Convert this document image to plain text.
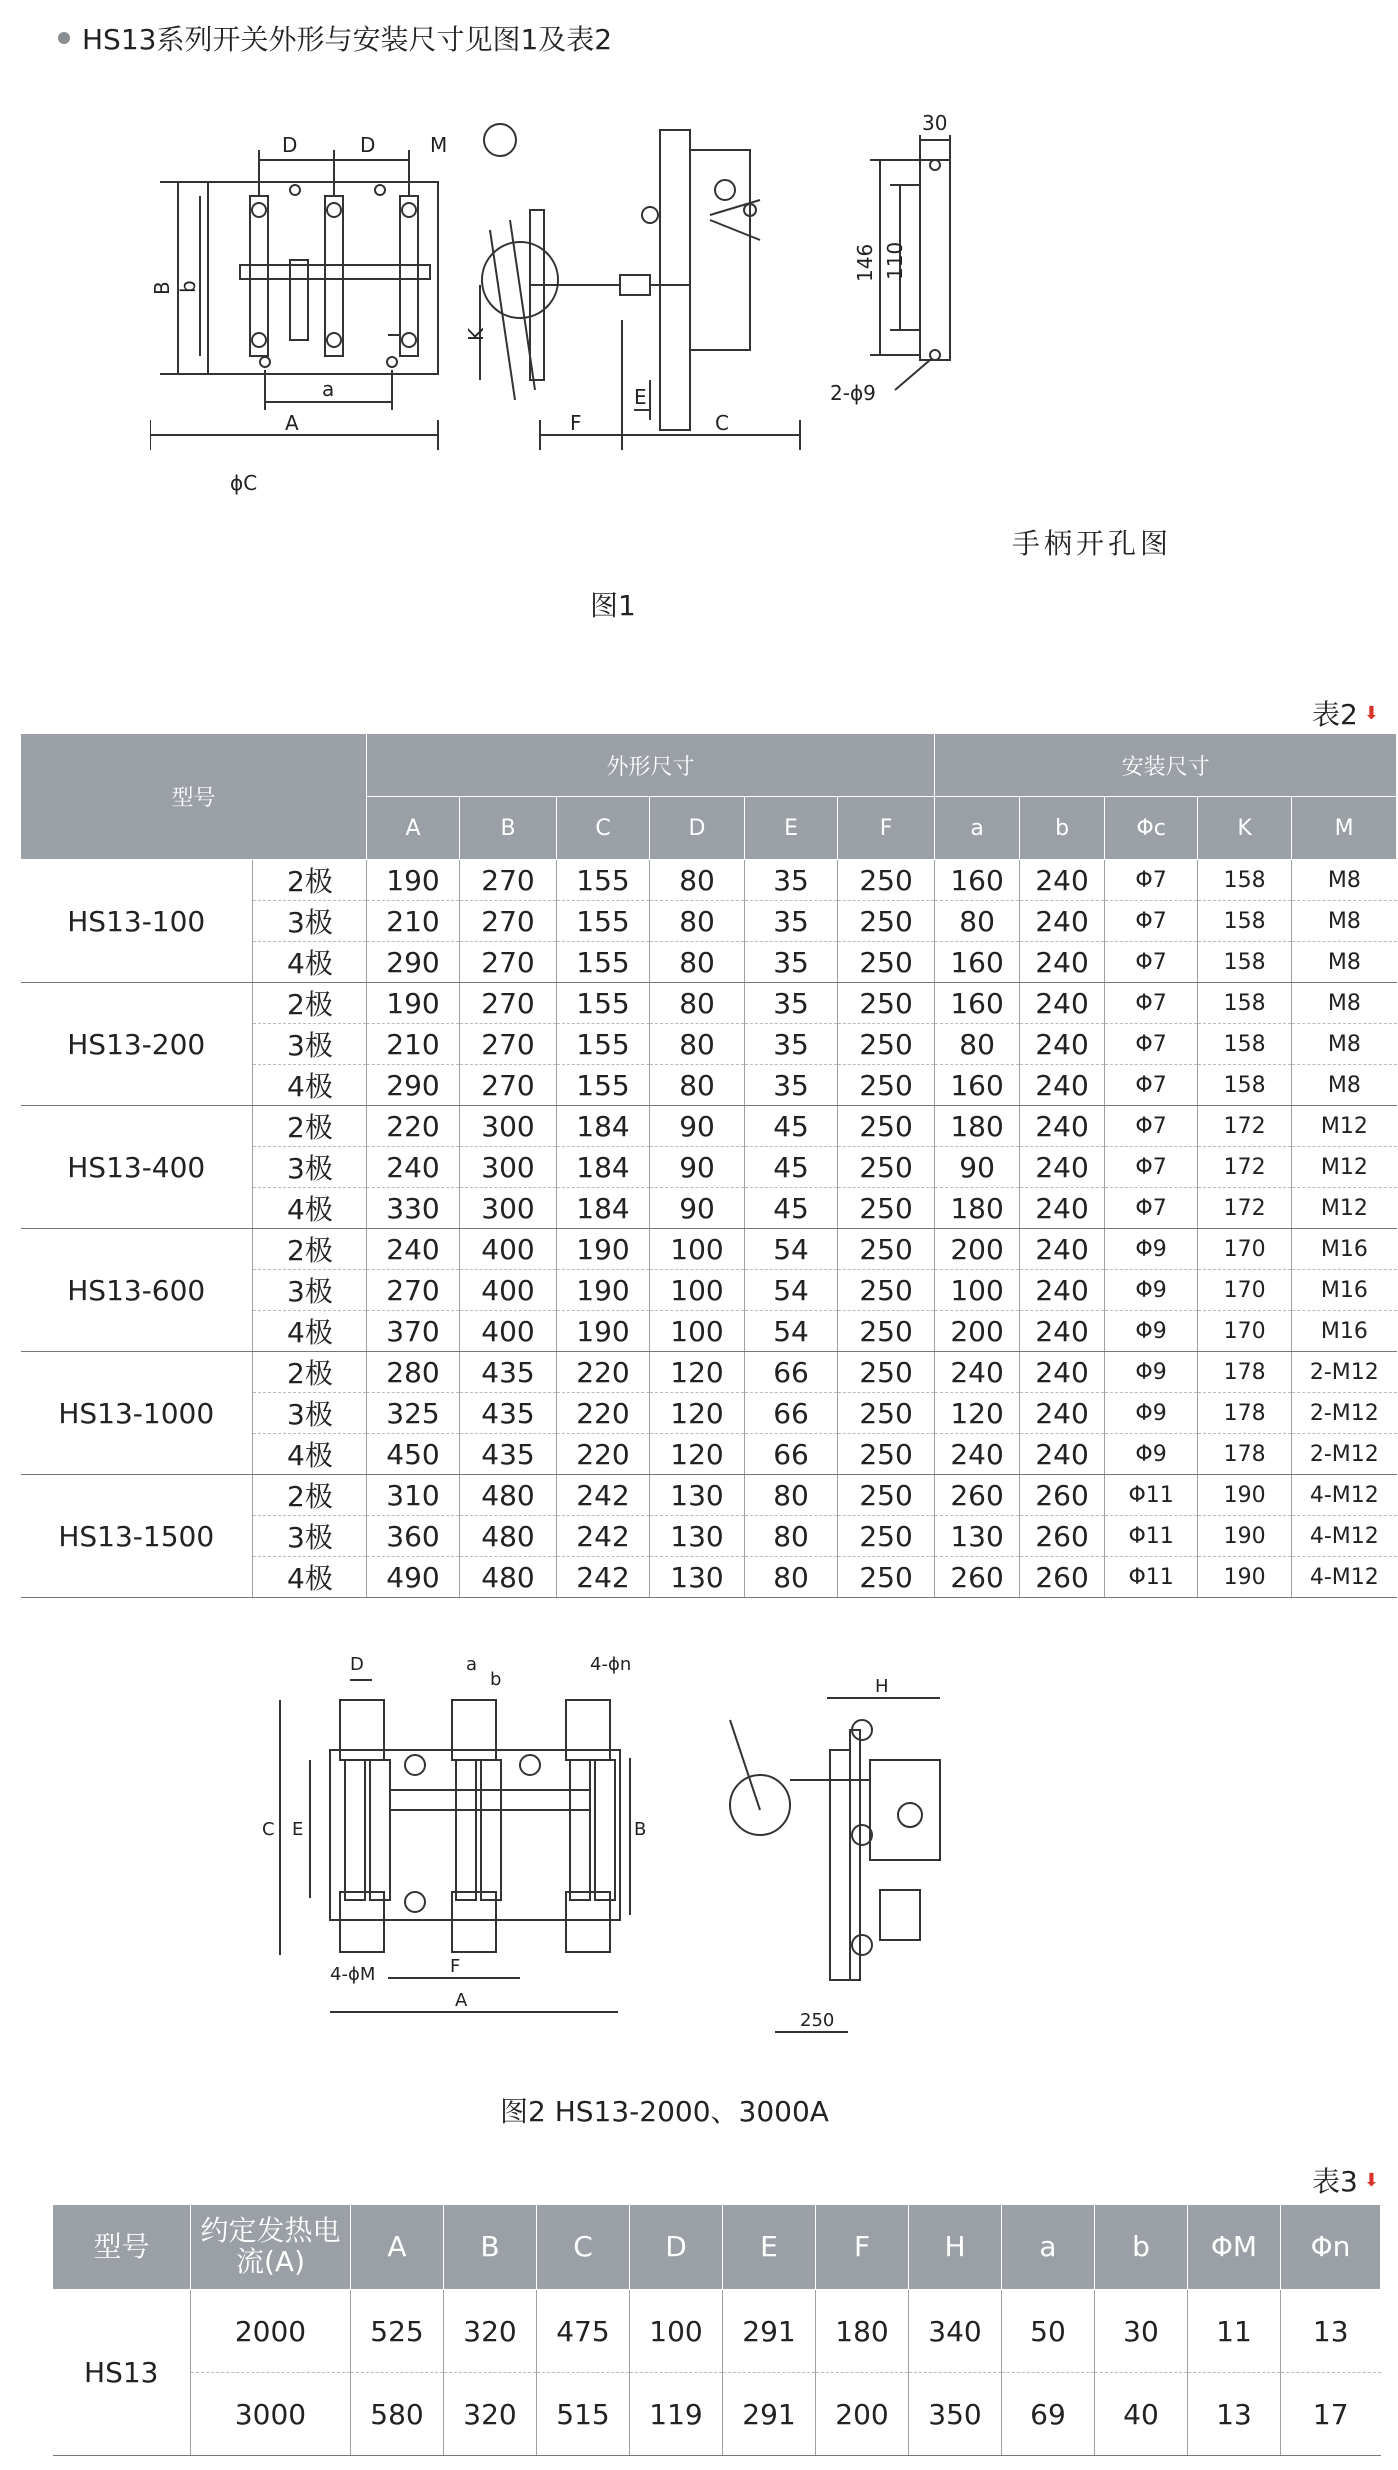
HS13系列开关外形与安装尺寸见图1及表2
D	D	M
B b
ϕC
a
A
K
E
F	C
30
146 110
2-ϕ9
手柄开孔图
图1
表2 ⬇
型号		外形尺寸						安装尺寸				
		A	B	C	D	E	F	a	b	Φc	K	M
HS13-100	2极	190	270	155	80	35	250	160	240	Φ7	158	M8
	3极	210	270	155	80	35	250	80	240	Φ7	158	M8
	4极	290	270	155	80	35	250	160	240	Φ7	158	M8
HS13-200	2极	190	270	155	80	35	250	160	240	Φ7	158	M8
	3极	210	270	155	80	35	250	80	240	Φ7	158	M8
	4极	290	270	155	80	35	250	160	240	Φ7	158	M8
HS13-400	2极	220	300	184	90	45	250	180	240	Φ7	172	M12
	3极	240	300	184	90	45	250	90	240	Φ7	172	M12
	4极	330	300	184	90	45	250	180	240	Φ7	172	M12
HS13-600	2极	240	400	190	100	54	250	200	240	Φ9	170	M16
	3极	270	400	190	100	54	250	100	240	Φ9	170	M16
	4极	370	400	190	100	54	250	200	240	Φ9	170	M16
HS13-1000	2极	280	435	220	120	66	250	240	240	Φ9	178	2-M12
	3极	325	435	220	120	66	250	120	240	Φ9	178	2-M12
	4极	450	435	220	120	66	250	240	240	Φ9	178	2-M12
HS13-1500	2极	310	480	242	130	80	250	260	260	Φ11	190	4-M12
	3极	360	480	242	130	80	250	130	260	Φ11	190	4-M12
	4极	490	480	242	130	80	250	260	260	Φ11	190	4-M12
D	a
b
4-ϕn
C E	B
4-ϕM	F
A
H
250
图2 HS13-2000、3000A
表3 ⬇
型号	约定发热电流(A)	A	B	C	D	E	F	H	a	b	ΦM	Φn
HS13	2000	525	320	475	100	291	180	340	50	30	11	13
	3000	580	320	515	119	291	200	350	69	40	13	17
